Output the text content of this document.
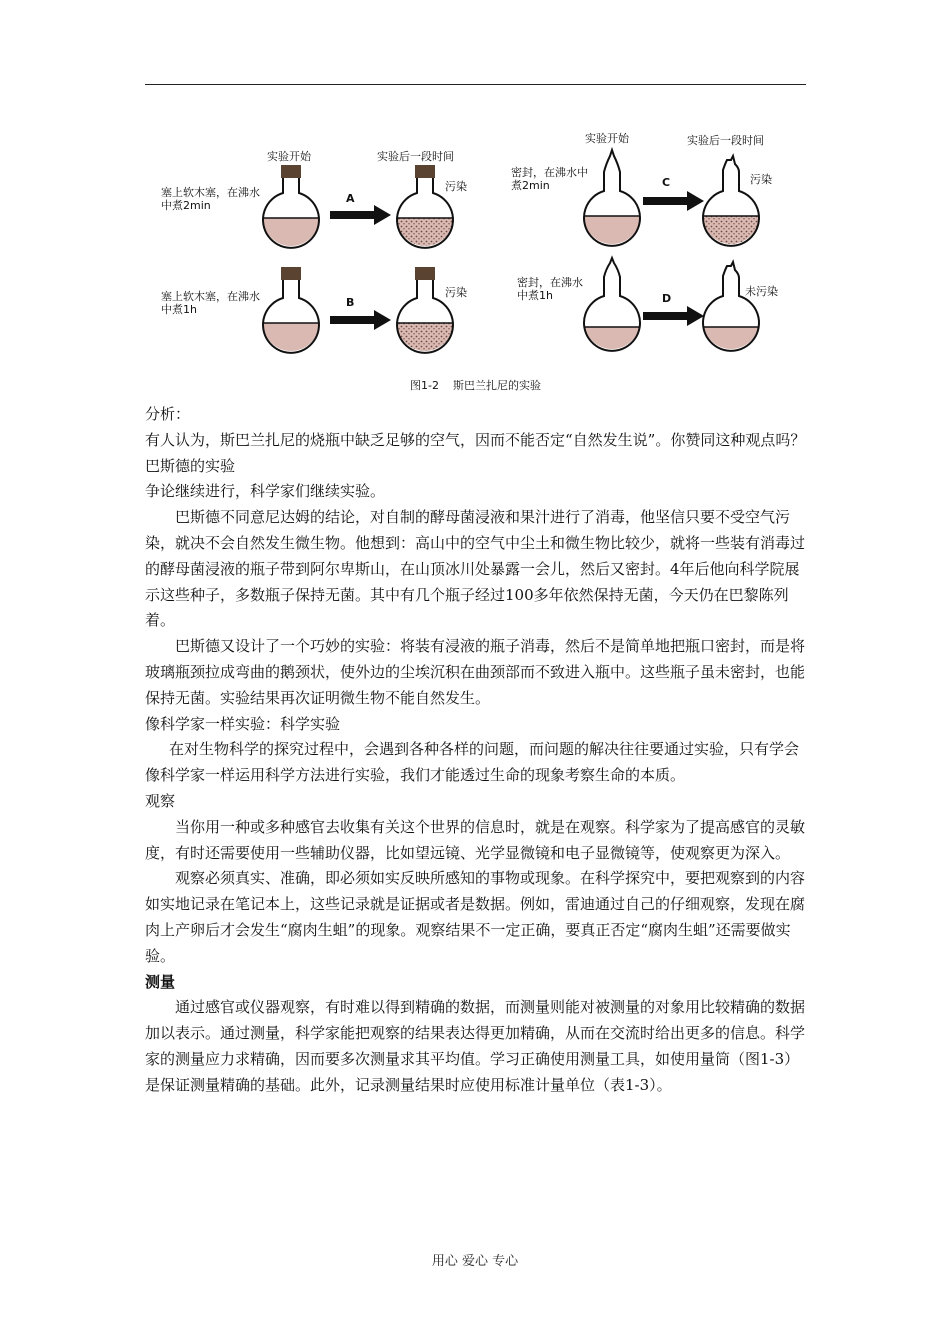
实验开始	实验后一段时间
实验开始	实验后一段时间
塞上软木塞，在沸水中煮2min
塞上软木塞，在沸水中煮1h
密封，在沸水中煮2min
密封，在沸水中煮1h
A
B
C
D
污染
污染
污染
未污染
图1-2    斯巴兰扎尼的实验

分析：

有人认为，斯巴兰扎尼的烧瓶中缺乏足够的空气，因而不能否定“自然发生说”。你赞同这种观点吗？

巴斯德的实验

争论继续进行，科学家们继续实验。

巴斯德不同意尼达姆的结论，对自制的酵母菌浸液和果汁进行了消毒，他坚信只要不受空气污染，就决不会自然发生微生物。他想到：高山中的空气中尘土和微生物比较少，就将一些装有消毒过的酵母菌浸液的瓶子带到阿尔卑斯山，在山顶冰川处暴露一会儿，然后又密封。4年后他向科学院展示这些种子，多数瓶子保持无菌。其中有几个瓶子经过100多年依然保持无菌，今天仍在巴黎陈列着。

巴斯德又设计了一个巧妙的实验：将装有浸液的瓶子消毒，然后不是简单地把瓶口密封，而是将玻璃瓶颈拉成弯曲的鹅颈状，使外边的尘埃沉积在曲颈部而不致进入瓶中。这些瓶子虽未密封，也能保持无菌。实验结果再次证明微生物不能自然发生。

像科学家一样实验：科学实验

在对生物科学的探究过程中，会遇到各种各样的问题，而问题的解决往往要通过实验，只有学会像科学家一样运用科学方法进行实验，我们才能透过生命的现象考察生命的本质。

观察

当你用一种或多种感官去收集有关这个世界的信息时，就是在观察。科学家为了提高感官的灵敏度，有时还需要使用一些辅助仪器，比如望远镜、光学显微镜和电子显微镜等，使观察更为深入。

观察必须真实、准确，即必须如实反映所感知的事物或现象。在科学探究中，要把观察到的内容如实地记录在笔记本上，这些记录就是证据或者是数据。例如，雷迪通过自己的仔细观察，发现在腐肉上产卵后才会发生“腐肉生蛆”的现象。观察结果不一定正确，要真正否定“腐肉生蛆”还需要做实验。

测量

通过感官或仪器观察，有时难以得到精确的数据，而测量则能对被测量的对象用比较精确的数据加以表示。通过测量，科学家能把观察的结果表达得更加精确，从而在交流时给出更多的信息。科学家的测量应力求精确，因而要多次测量求其平均值。学习正确使用测量工具，如使用量筒（图1-3）是保证测量精确的基础。此外，记录测量结果时应使用标准计量单位（表1-3）。

用心 爱心 专心
